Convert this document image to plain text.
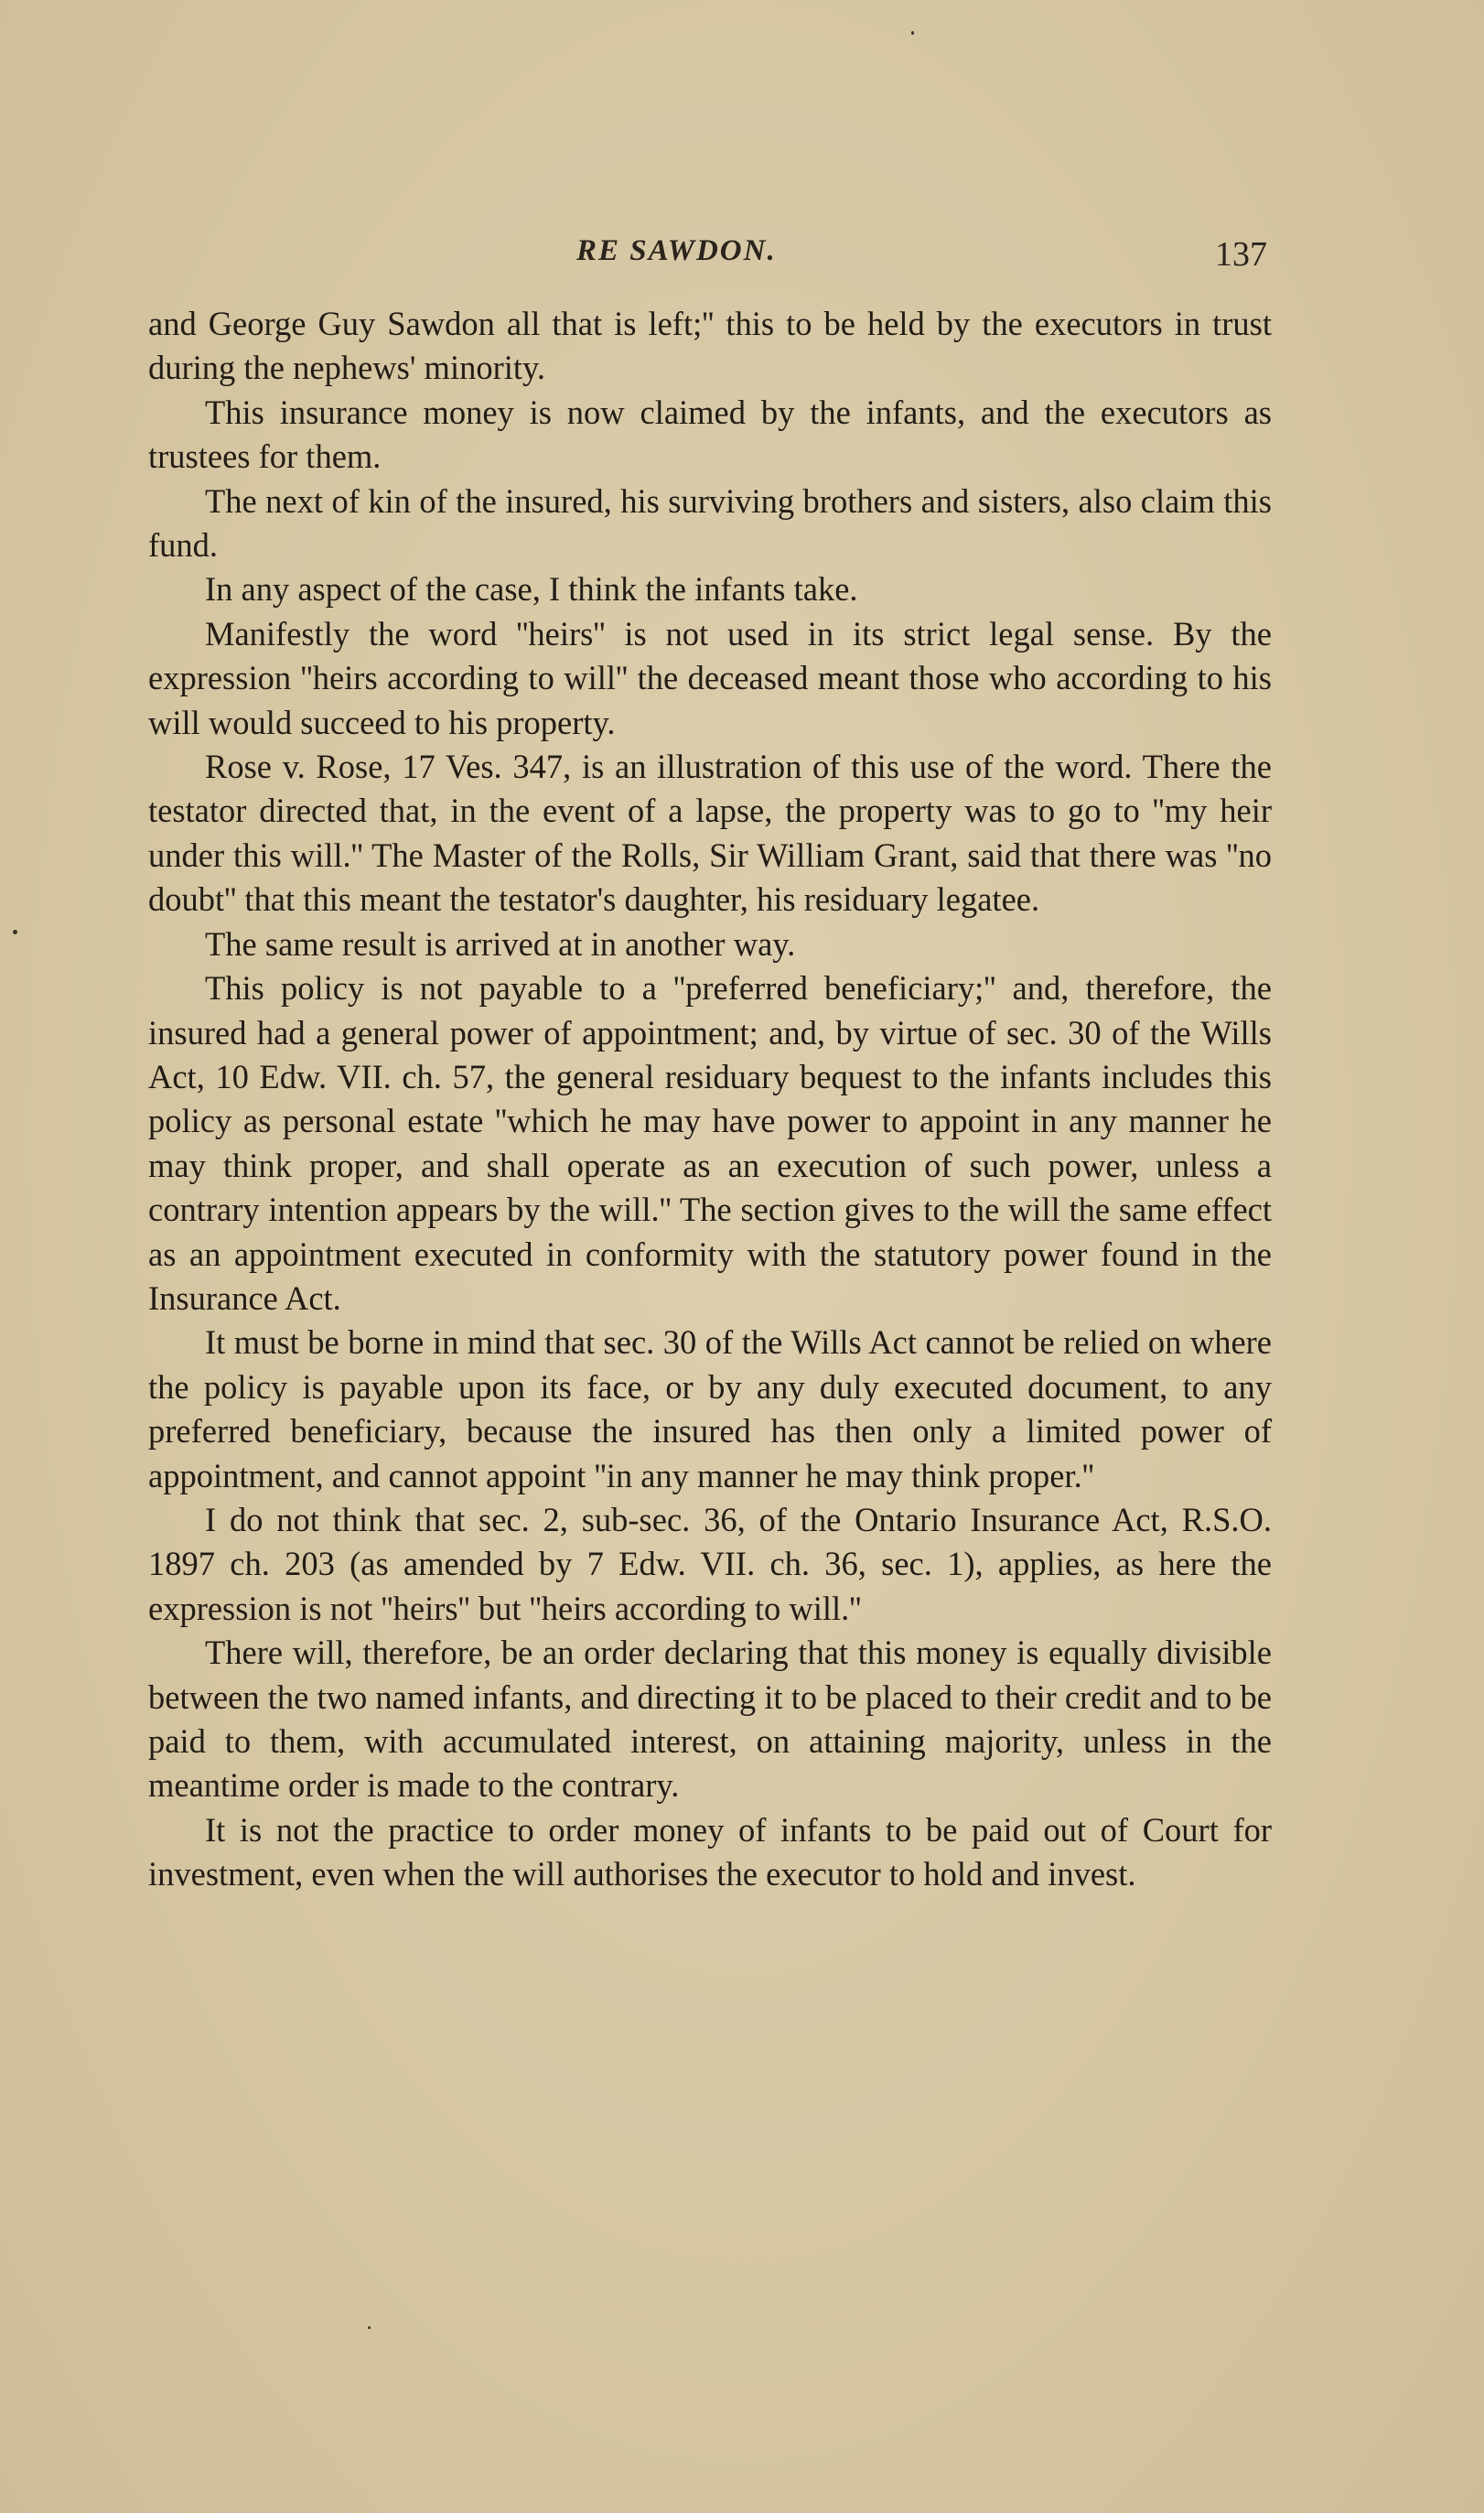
RE SAWDON.	137

and George Guy Sawdon all that is left;'' this to be held by the executors in trust during the nephews' minority.

This insurance money is now claimed by the infants, and the executors as trustees for them.

The next of kin of the insured, his surviving brothers and sisters, also claim this fund.

In any aspect of the case, I think the infants take.

Manifestly the word ''heirs'' is not used in its strict legal sense. By the expression ''heirs according to will'' the deceased meant those who according to his will would succeed to his property.

Rose v. Rose, 17 Ves. 347, is an illustration of this use of the word. There the testator directed that, in the event of a lapse, the property was to go to ''my heir under this will.'' The Master of the Rolls, Sir William Grant, said that there was ''no doubt'' that this meant the testator's daughter, his residuary legatee.

The same result is arrived at in another way.

This policy is not payable to a ''preferred beneficiary;'' and, therefore, the insured had a general power of appointment; and, by virtue of sec. 30 of the Wills Act, 10 Edw. VII. ch. 57, the general residuary bequest to the infants includes this policy as personal estate ''which he may have power to appoint in any manner he may think proper, and shall operate as an execution of such power, unless a contrary intention appears by the will.'' The section gives to the will the same effect as an appointment executed in conformity with the statutory power found in the Insurance Act.

It must be borne in mind that sec. 30 of the Wills Act cannot be relied on where the policy is payable upon its face, or by any duly executed document, to any preferred beneficiary, because the insured has then only a limited power of appointment, and cannot appoint ''in any manner he may think proper.''

I do not think that sec. 2, sub-sec. 36, of the Ontario Insurance Act, R.S.O. 1897 ch. 203 (as amended by 7 Edw. VII. ch. 36, sec. 1), applies, as here the expression is not ''heirs'' but ''heirs according to will.''

There will, therefore, be an order declaring that this money is equally divisible between the two named infants, and directing it to be placed to their credit and to be paid to them, with accumulated interest, on attaining majority, unless in the meantime order is made to the contrary.

It is not the practice to order money of infants to be paid out of Court for investment, even when the will authorises the executor to hold and invest.
